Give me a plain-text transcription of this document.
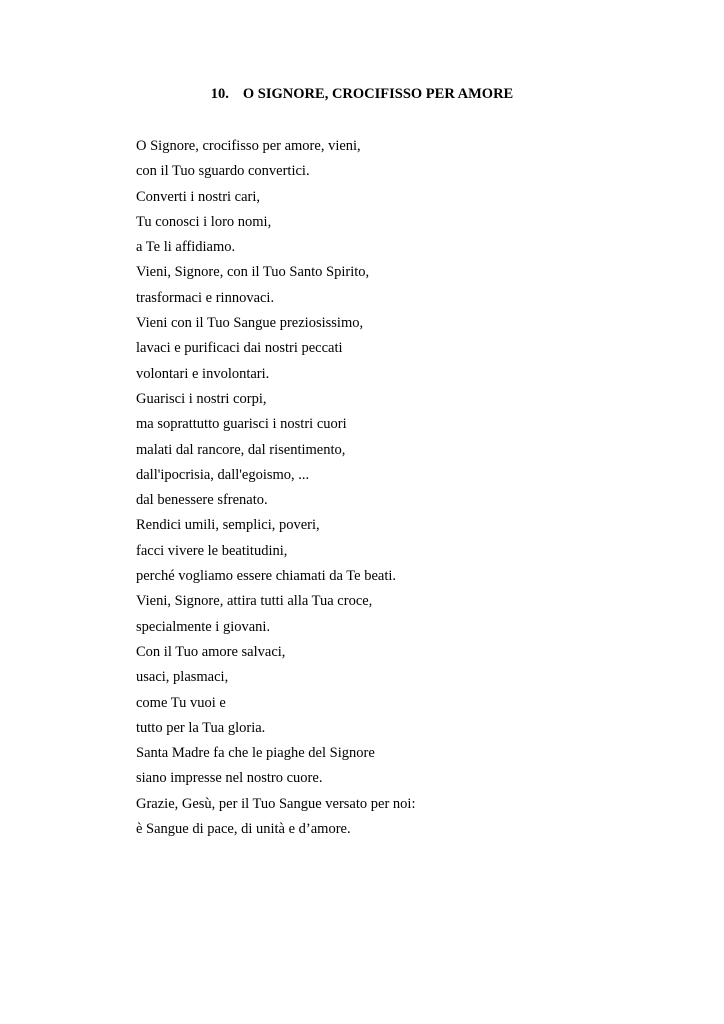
10. O SIGNORE, CROCIFISSO PER AMORE
O Signore, crocifisso per amore, vieni,
con il Tuo sguardo convertici.
Converti i nostri cari,
Tu conosci i loro nomi,
a Te li affidiamo.
Vieni, Signore, con il Tuo Santo Spirito,
trasformaci e rinnovaci.
Vieni con il Tuo Sangue preziosissimo,
lavaci e purificaci dai nostri peccati
volontari e involontari.
Guarisci i nostri corpi,
ma soprattutto guarisci i nostri cuori
malati dal rancore, dal risentimento,
dall'ipocrisia, dall'egoismo, ...
dal benessere sfrenato.
Rendici umili, semplici, poveri,
facci vivere le beatitudini,
perché vogliamo essere chiamati da Te beati.
Vieni, Signore, attira tutti alla Tua croce,
specialmente i giovani.
Con il Tuo amore salvaci,
usaci, plasmaci,
come Tu vuoi e
tutto per la Tua gloria.
Santa Madre fa che le piaghe del Signore
siano impresse nel nostro cuore.
Grazie, Gesù, per il Tuo Sangue versato per noi:
è Sangue di pace, di unità e d’amore.
